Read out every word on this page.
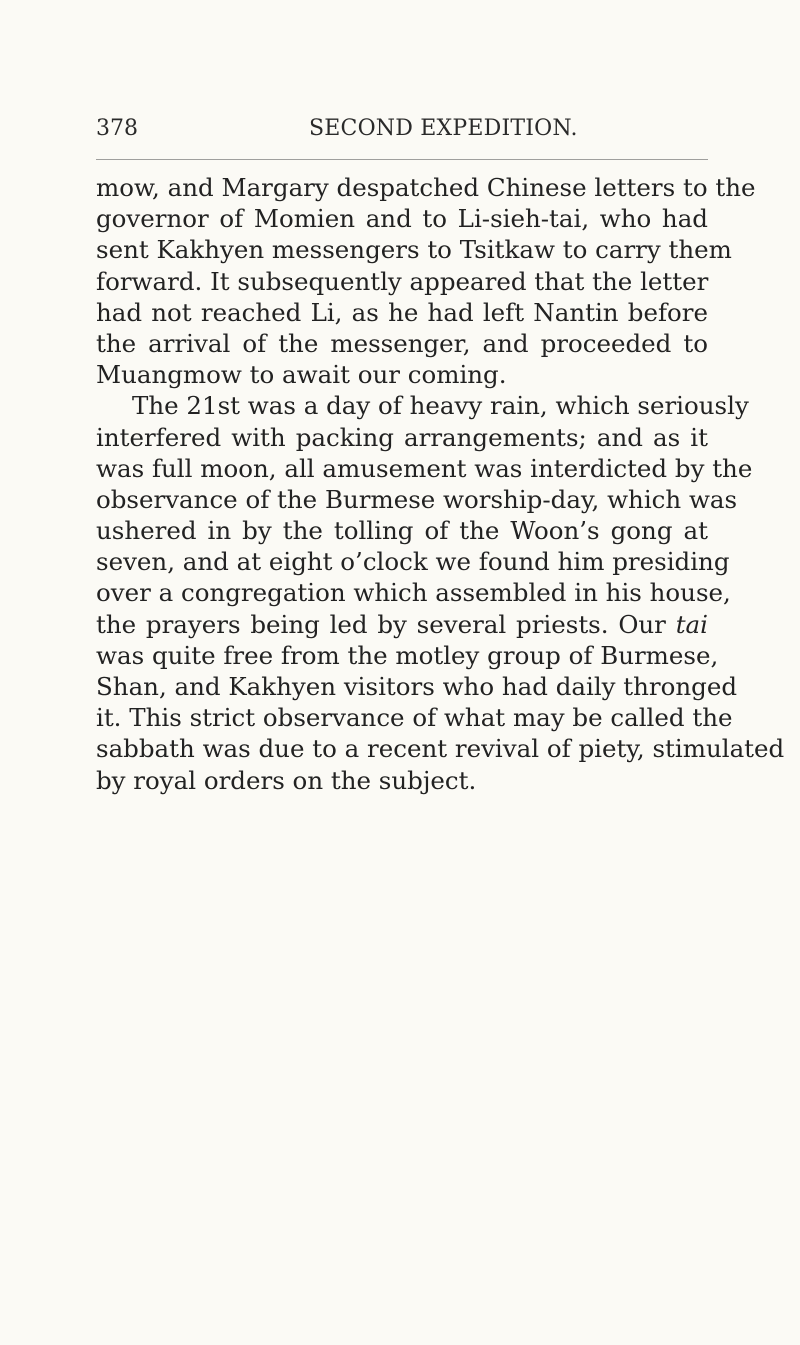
378	SECOND EXPEDITION.
mow, and Margary despatched Chinese letters to the
governor of Momien and to Li-sieh-tai, who had
sent Kakhyen messengers to Tsitkaw to carry them
forward. It subsequently appeared that the letter
had not reached Li, as he had left Nantin before
the arrival of the messenger, and proceeded to
Muangmow to await our coming.
The 21st was a day of heavy rain, which seriously
interfered with packing arrangements; and as it
was full moon, all amusement was interdicted by the
observance of the Burmese worship-day, which was
ushered in by the tolling of the Woon’s gong at
seven, and at eight o’clock we found him presiding
over a congregation which assembled in his house,
the prayers being led by several priests. Our tai
was quite free from the motley group of Burmese,
Shan, and Kakhyen visitors who had daily thronged
it. This strict observance of what may be called the
sabbath was due to a recent revival of piety, stimulated
by royal orders on the subject.
